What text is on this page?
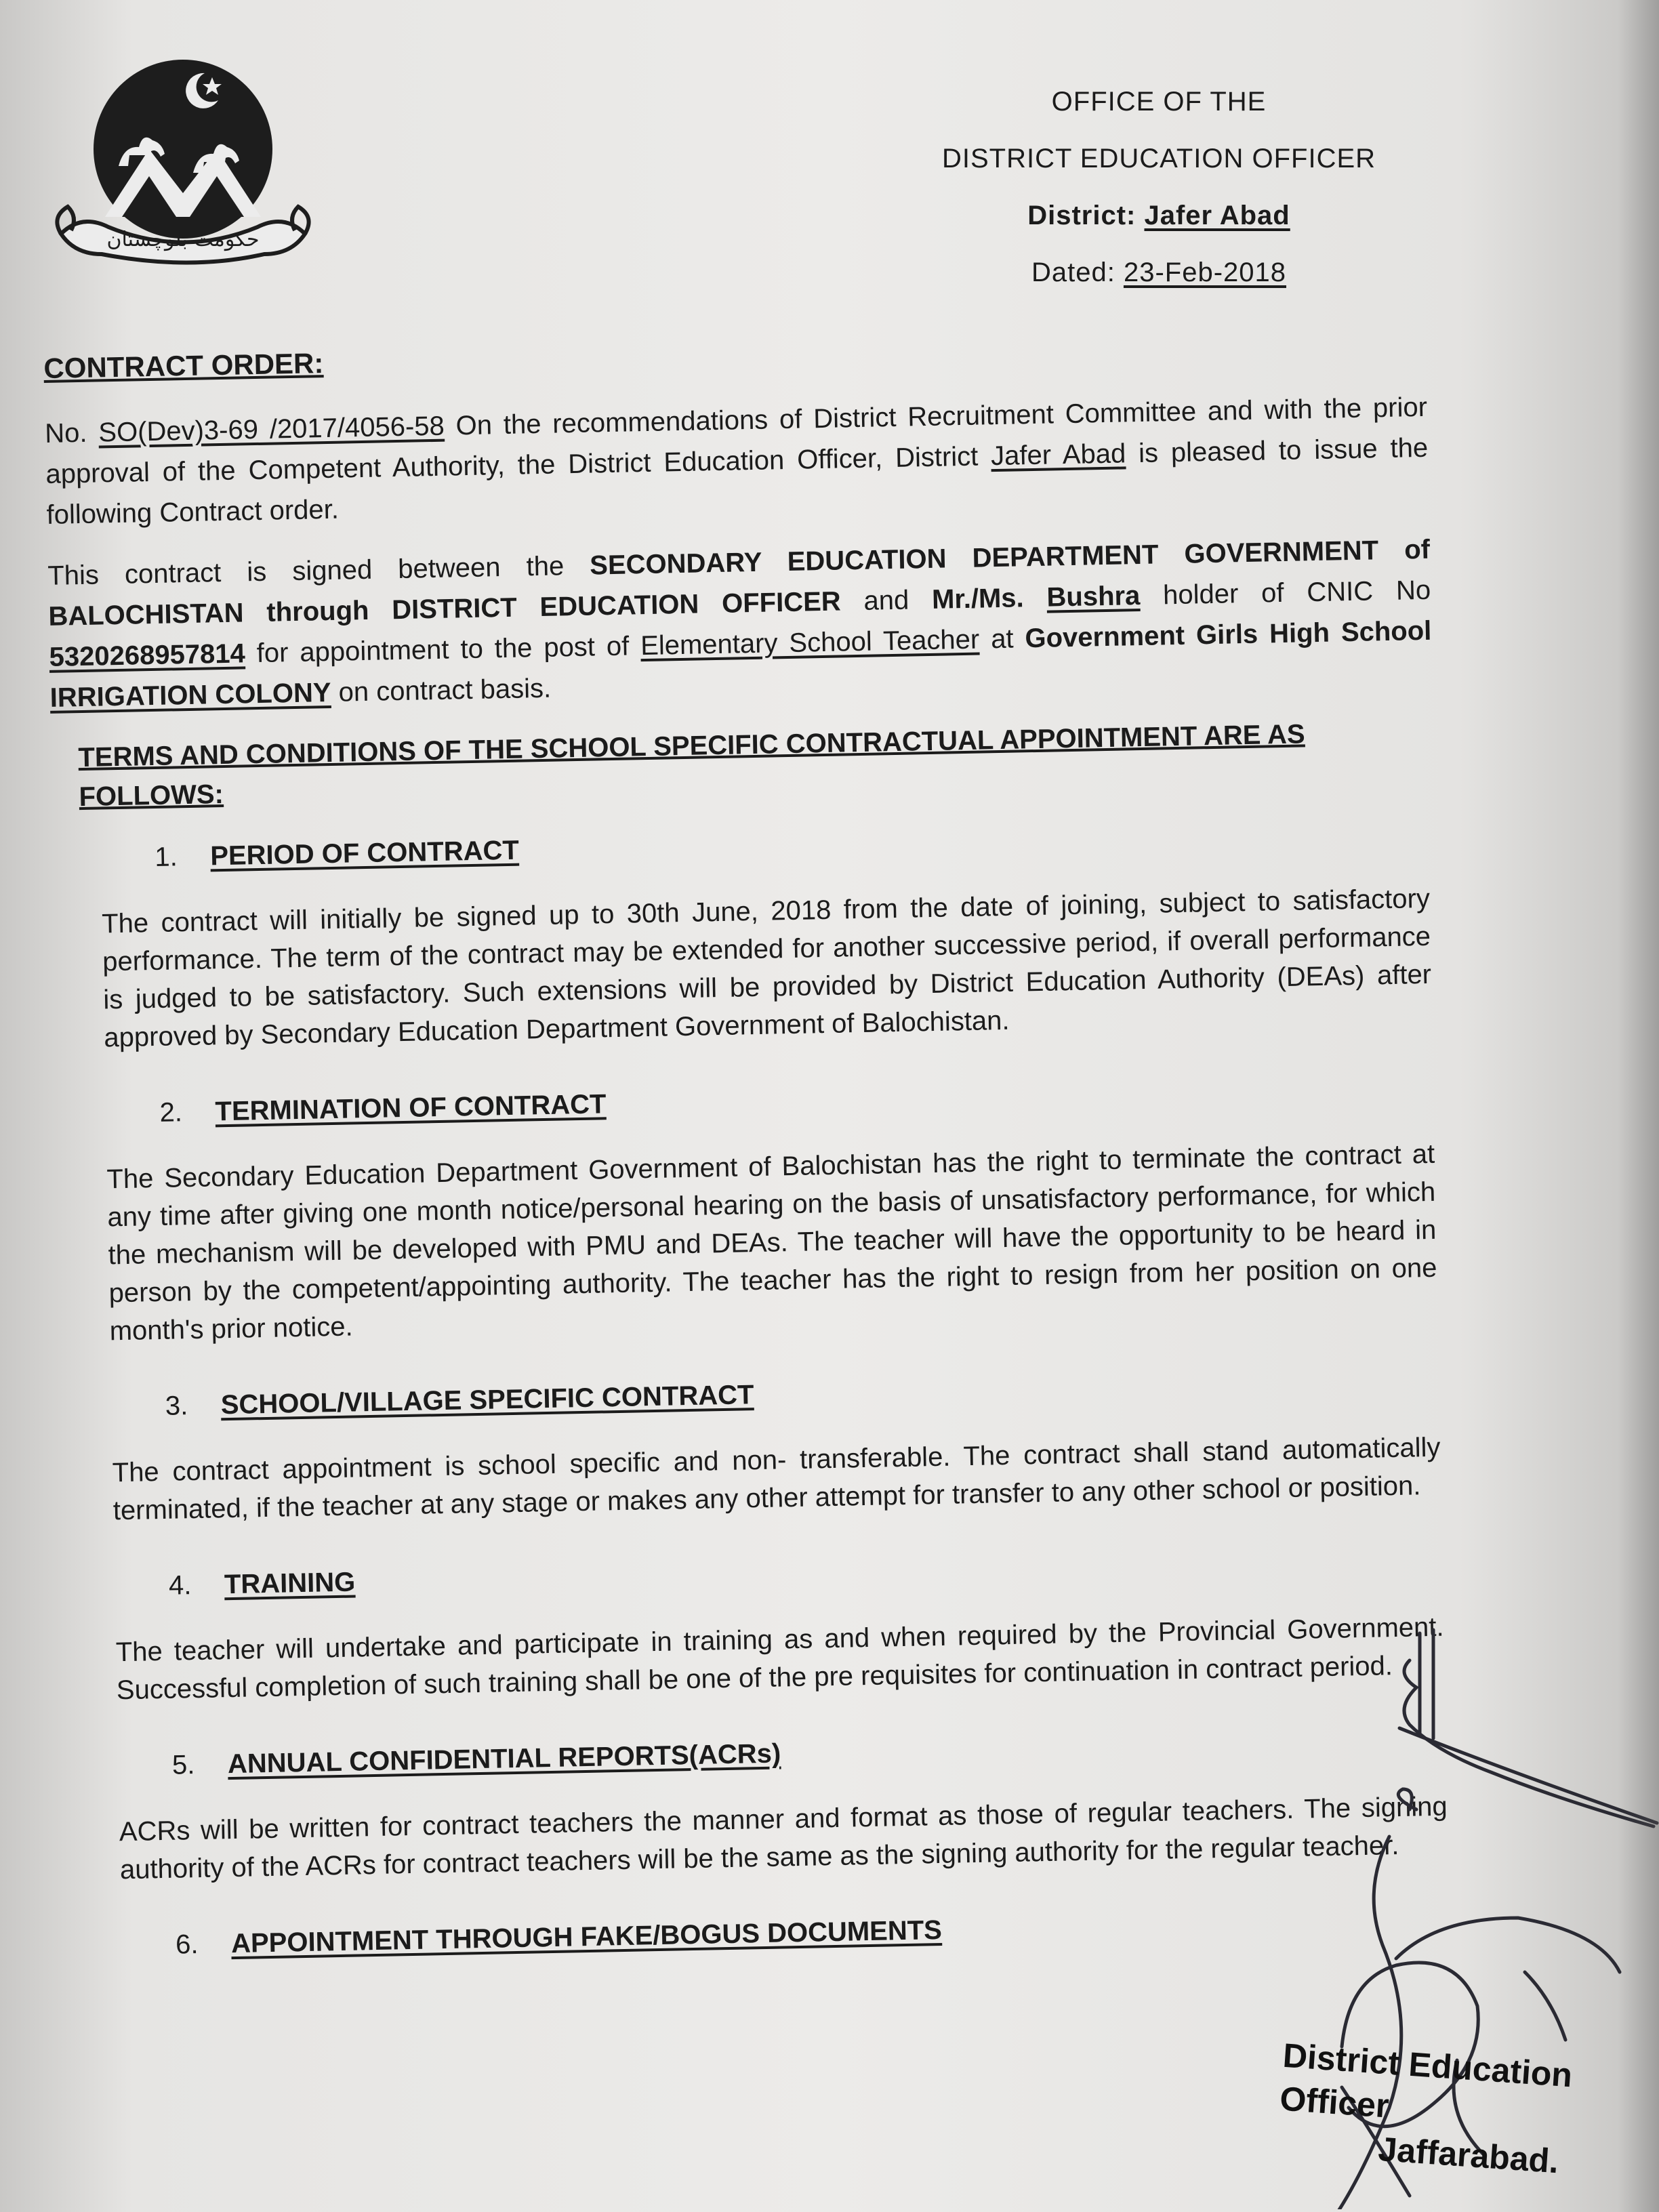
حکومت بلوچستان
OFFICE OF THE
DISTRICT EDUCATION OFFICER
District: Jafer Abad
Dated: 23-Feb-2018
CONTRACT ORDER:

No. SO(Dev)3-69 /2017/4056-58 On the recommendations of District Recruitment Committee and with the prior approval of the Competent Authority, the District Education Officer, District Jafer Abad is pleased to issue the following Contract order.

This contract is signed between the SECONDARY EDUCATION DEPARTMENT GOVERNMENT of BALOCHISTAN through DISTRICT EDUCATION OFFICER and Mr./Ms. Bushra holder of CNIC No 5320268957814 for appointment to the post of Elementary School Teacher at Government Girls High School IRRIGATION COLONY on contract basis.

TERMS AND CONDITIONS OF THE SCHOOL SPECIFIC CONTRACTUAL APPOINTMENT ARE AS FOLLOWS:
1. PERIOD OF CONTRACT
The contract will initially be signed up to 30th June, 2018 from the date of joining, subject to satisfactory performance. The term of the contract may be extended for another successive period, if overall performance is judged to be satisfactory. Such extensions will be provided by District Education Authority (DEAs) after approved by Secondary Education Department Government of Balochistan.
2. TERMINATION OF CONTRACT
The Secondary Education Department Government of Balochistan has the right to terminate the contract at any time after giving one month notice/personal hearing on the basis of unsatisfactory performance, for which the mechanism will be developed with PMU and DEAs. The teacher will have the opportunity to be heard in person by the competent/appointing authority. The teacher has the right to resign from her position on one month's prior notice.
3. SCHOOL/VILLAGE SPECIFIC CONTRACT
The contract appointment is school specific and non- transferable. The contract shall stand automatically terminated, if the teacher at any stage or makes any other attempt for transfer to any other school or position.
4. TRAINING
The teacher will undertake and participate in training as and when required by the Provincial Government. Successful completion of such training shall be one of the pre requisites for continuation in contract period.
5. ANNUAL CONFIDENTIAL REPORTS(ACRs)
ACRs will be written for contract teachers the manner and format as those of regular teachers. The signing authority of the ACRs for contract teachers will be the same as the signing authority for the regular teacher.
6. APPOINTMENT THROUGH FAKE/BOGUS DOCUMENTS
District Education Officer
Jaffarabad.
